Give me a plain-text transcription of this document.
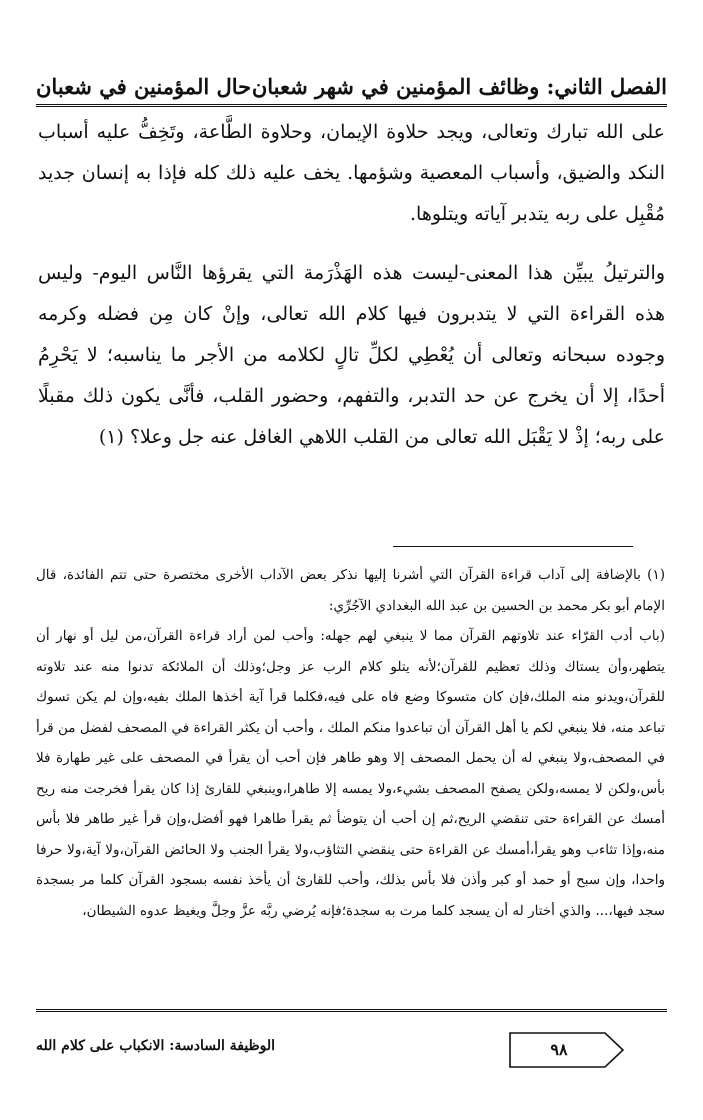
الفصل الثاني: وظائف المؤمنين في شهر شعبان
حال المؤمنين في شعبان

على الله تبارك وتعالى، ويجد حلاوة الإيمان، وحلاوة الطَّاعة، وتَخِفُّ عليه أسباب النكد والضيق، وأسباب المعصية وشؤمها. يخف عليه ذلك كله فإذا به إنسان جديد مُقْبِل على ربه يتدبر آياته ويتلوها.

والترتيلُ يبيِّن هذا المعنى-ليست هذه الهَذْرَمة التي يقرؤها النَّاس اليوم- وليس هذه القراءة التي لا يتدبرون فيها كلام الله تعالى، وإنْ كان مِن فضله وكرمه وجوده سبحانه وتعالى أن يُعْطِي لكلِّ تالٍ لكلامه من الأجر ما يناسبه؛ لا يَحْرِمُ أحدًا، إلا أن يخرج عن حد التدبر، والتفهم، وحضور القلب، فأنَّى يكون ذلك مقبلًا على ربه؛ إذْ لا يَقْبَل الله تعالى من القلب اللاهي الغافل عنه جل وعلا؟ (١)

(١) بالإضافة إلى آداب قراءة القرآن التي أشرنا إليها نذكر بعض الآداب الأخرى مختصرة حتى تتم الفائدة، قال الإمام أبو بكر محمد بن الحسين بن عبد الله البغدادي الآجُرِّي:

(باب أدب القرّاء عند تلاوتهم القرآن مما لا ينبغي لهم جهله: وأحب لمن أراد قراءة القرآن،من ليل أو نهار أن يتطهر،وأن يستاك وذلك تعظيم للقرآن؛لأنه يتلو كلام الرب عز وجل؛وذلك أن الملائكة تدنوا منه عند تلاوته للقرآن،ويدنو منه الملك،فإن كان متسوكا وضع فاه على فيه،فكلما قرأ آية أخذها الملك بفيه،وإن لم يكن تسوك تباعد منه، فلا ينبغي لكم يا أهل القرآن أن تباعدوا منكم الملك ، وأحب أن يكثر القراءة في المصحف لفضل من قرأ في المصحف،ولا ينبغي له أن يحمل المصحف إلا وهو طاهر فإن أحب أن يقرأ في المصحف على غير طهارة فلا بأس،ولكن لا يمسه،ولكن يصفح المصحف بشيء،ولا يمسه إلا طاهرا،وينبغي للقارئ إذا كان يقرأ فخرجت منه ريح أمسك عن القراءة حتى تنقضي الريح،ثم إن أحب أن يتوضأ ثم يقرأ طاهرا فهو أفضل،وإن قرأ غير طاهر فلا بأس منه،وإذا تثاءب وهو يقرأ،أمسك عن القراءة حتى ينقضي التثاؤب،ولا يقرأ الجنب ولا الحائض القرآن،ولا آية،ولا حرفا واحدا، وإن سبح أو حمد أو كبر وأذن فلا بأس بذلك، وأحب للقارئ أن يأخذ نفسه بسجود القرآن كلما مر بسجدة سجد فيها،... والذي أختار له أن يسجد كلما مرت به سجدة؛فإنه يُرضي ربَّه عزَّ وجلَّ ويغيظ عدوه الشيطان،

الوظيفة السادسة: الانكباب على كلام الله	٩٨
